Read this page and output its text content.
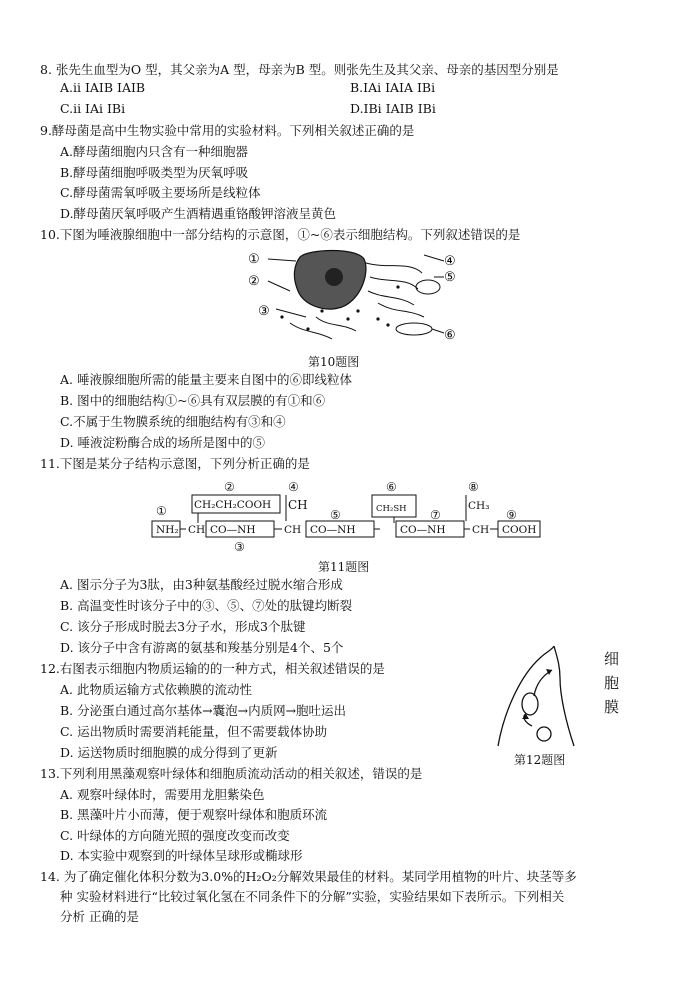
8. 张先生血型为O 型，其父亲为A 型，母亲为B 型。则张先生及其父亲、母亲的基因型分别是
A.ii IAIB IAIB	B.IAi IAIA IBi
C.ii IAi IBi	D.IBi IAIB IBi
9.酵母菌是高中生物实验中常用的实验材料。下列相关叙述正确的是
A.酵母菌细胞内只含有一种细胞器
B.酵母菌细胞呼吸类型为厌氧呼吸
C.酵母菌需氧呼吸主要场所是线粒体
D.酵母菌厌氧呼吸产生酒精遇重铬酸钾溶液呈黄色
10.下图为唾液腺细胞中一部分结构的示意图，①~⑥表示细胞结构。下列叙述错误的是
①
②
③
④
⑤
⑥
第10题图
A. 唾液腺细胞所需的能量主要来自图中的⑥即线粒体
B. 图中的细胞结构①~⑥具有双层膜的有①和⑥
C.不属于生物膜系统的细胞结构有③和④
D. 唾液淀粉酶合成的场所是图中的⑤
11.下图是某分子结构示意图，下列分析正确的是
①
②
③
④
⑤
⑥
⑦
⑧
⑨
NH₂ CH
CH₂CH₂COOH
CO—NH	CH
CH
CO—NH
CH₂SH
CO—NH	CH
CH₃
COOH
第11题图
A. 图示分子为3肽，由3种氨基酸经过脱水缩合形成
B. 高温变性时该分子中的③、⑤、⑦处的肽键均断裂
C. 该分子形成时脱去3分子水，形成3个肽键
D. 该分子中含有游离的氨基和羧基分别是4个、5个
12.右图表示细胞内物质运输的的一种方式，相关叙述错误的是
A. 此物质运输方式依赖膜的流动性
B. 分泌蛋白通过高尔基体→囊泡→内质网→胞吐运出
C. 运出物质时需要消耗能量，但不需要载体协助
D. 运送物质时细胞膜的成分得到了更新
细
胞
膜
第12题图
13.下列利用黑藻观察叶绿体和细胞质流动活动的相关叙述，错误的是
A. 观察叶绿体时，需要用龙胆紫染色
B. 黑藻叶片小而薄，便于观察叶绿体和胞质环流
C. 叶绿体的方向随光照的强度改变而改变
D. 本实验中观察到的叶绿体呈球形或椭球形
14. 为了确定催化体积分数为3.0%的H₂O₂分解效果最佳的材料。某同学用植物的叶片、块茎等多
种 实验材料进行“比较过氧化氢在不同条件下的分解”实验，实验结果如下表所示。下列相关
分析 正确的是
